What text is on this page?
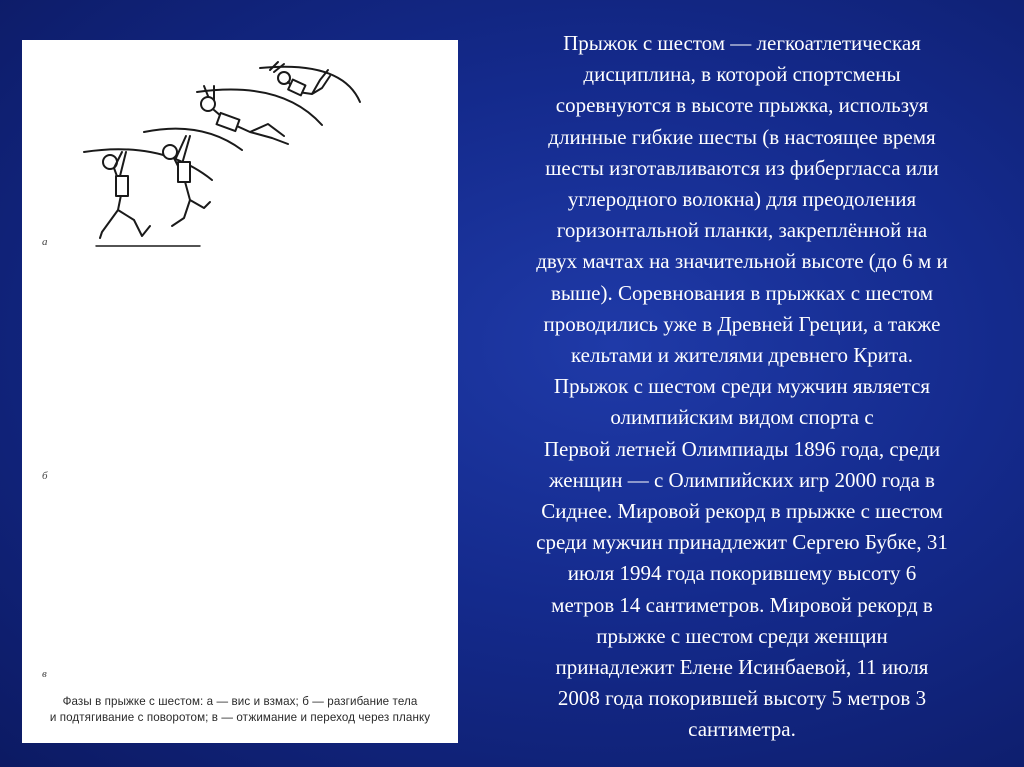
а
б
в
Фазы в прыжке с шестом: а — вис и взмах; б — разгибание тела
и подтягивание с поворотом; в — отжимание и переход через планку
Прыжок с шестом — легкоатлетическая
дисциплина, в которой спортсмены
соревнуются в высоте прыжка, используя
длинные гибкие шесты (в настоящее время
шесты изготавливаются из фибергласса или
углеродного волокна) для преодоления
горизонтальной планки, закреплённой на
двух мачтах на значительной высоте (до 6 м и
выше). Соревнования в прыжках с шестом
проводились уже в Древней Греции, а также
кельтами и жителями древнего Крита.
Прыжок с шестом среди мужчин является
олимпийским видом спорта с
Первой летней Олимпиады 1896 года, среди
женщин — с Олимпийских игр 2000 года в
Сиднее. Мировой рекорд в прыжке с шестом
среди мужчин принадлежит Сергею Бубке, 31
июля 1994 года покорившему высоту 6
метров 14 сантиметров. Мировой рекорд в
прыжке с шестом среди женщин
принадлежит Елене Исинбаевой, 11 июля
2008 года покорившей высоту 5 метров 3
сантиметра.
